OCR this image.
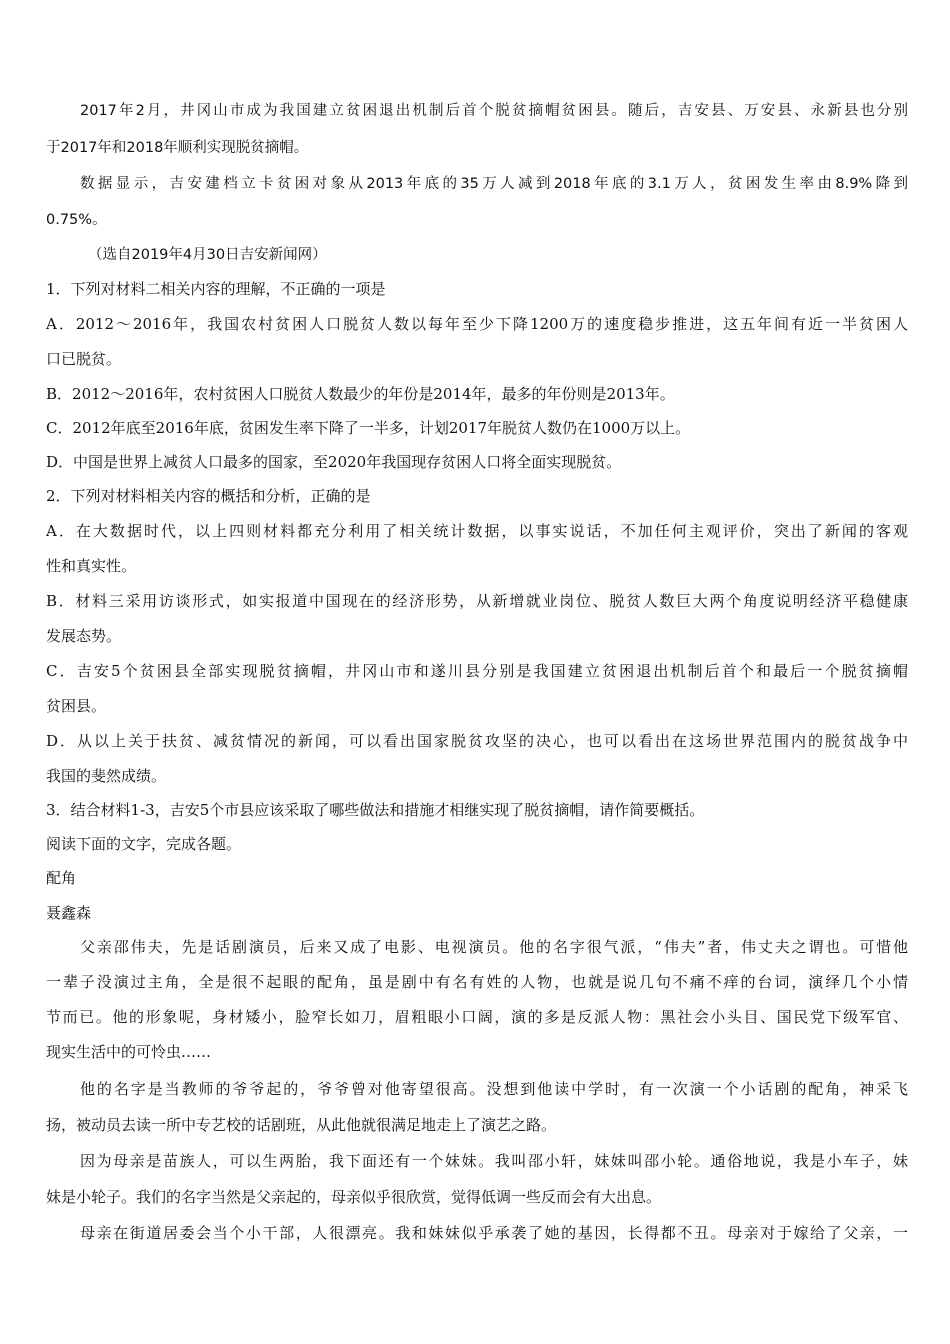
2017年2月，井冈山市成为我国建立贫困退出机制后首个脱贫摘帽贫困县。随后，吉安县、万安县、永新县也分别
于2017年和2018年顺利实现脱贫摘帽。
数据显示，吉安建档立卡贫困对象从2013年底的35万人减到2018年底的3.1万人，贫困发生率由8.9%降到
0.75%。
（选自2019年4月30日吉安新闻网）
1．下列对材料二相关内容的理解，不正确的一项是
A．2012～2016年，我国农村贫困人口脱贫人数以每年至少下降1200万的速度稳步推进，这五年间有近一半贫困人
口已脱贫。
B．2012～2016年，农村贫困人口脱贫人数最少的年份是2014年，最多的年份则是2013年。
C．2012年底至2016年底，贫困发生率下降了一半多，计划2017年脱贫人数仍在1000万以上。
D．中国是世界上减贫人口最多的国家，至2020年我国现存贫困人口将全面实现脱贫。
2．下列对材料相关内容的概括和分析，正确的是
A．在大数据时代，以上四则材料都充分利用了相关统计数据，以事实说话，不加任何主观评价，突出了新闻的客观
性和真实性。
B．材料三采用访谈形式，如实报道中国现在的经济形势，从新增就业岗位、脱贫人数巨大两个角度说明经济平稳健康
发展态势。
C．吉安5个贫困县全部实现脱贫摘帽，井冈山市和遂川县分别是我国建立贫困退出机制后首个和最后一个脱贫摘帽
贫困县。
D．从以上关于扶贫、减贫情况的新闻，可以看出国家脱贫攻坚的决心，也可以看出在这场世界范围内的脱贫战争中
我国的斐然成绩。
3．结合材料1-3，吉安5个市县应该采取了哪些做法和措施才相继实现了脱贫摘帽，请作简要概括。
阅读下面的文字，完成各题。
配角
聂鑫森
父亲邵伟夫，先是话剧演员，后来又成了电影、电视演员。他的名字很气派，“伟夫”者，伟丈夫之谓也。可惜他
一辈子没演过主角，全是很不起眼的配角，虽是剧中有名有姓的人物，也就是说几句不痛不痒的台词，演绎几个小情
节而已。他的形象呢，身材矮小，脸窄长如刀，眉粗眼小口阔，演的多是反派人物：黑社会小头目、国民党下级军官、
现实生活中的可怜虫……
他的名字是当教师的爷爷起的，爷爷曾对他寄望很高。没想到他读中学时，有一次演一个小话剧的配角，神采飞
扬，被动员去读一所中专艺校的话剧班，从此他就很满足地走上了演艺之路。
因为母亲是苗族人，可以生两胎，我下面还有一个妹妹。我叫邵小轩，妹妹叫邵小轮。通俗地说，我是小车子，妹
妹是小轮子。我们的名字当然是父亲起的，母亲似乎很欣赏，觉得低调一些反而会有大出息。
母亲在街道居委会当个小干部，人很漂亮。我和妹妹似乎承袭了她的基因，长得都不丑。母亲对于嫁给了父亲，一
